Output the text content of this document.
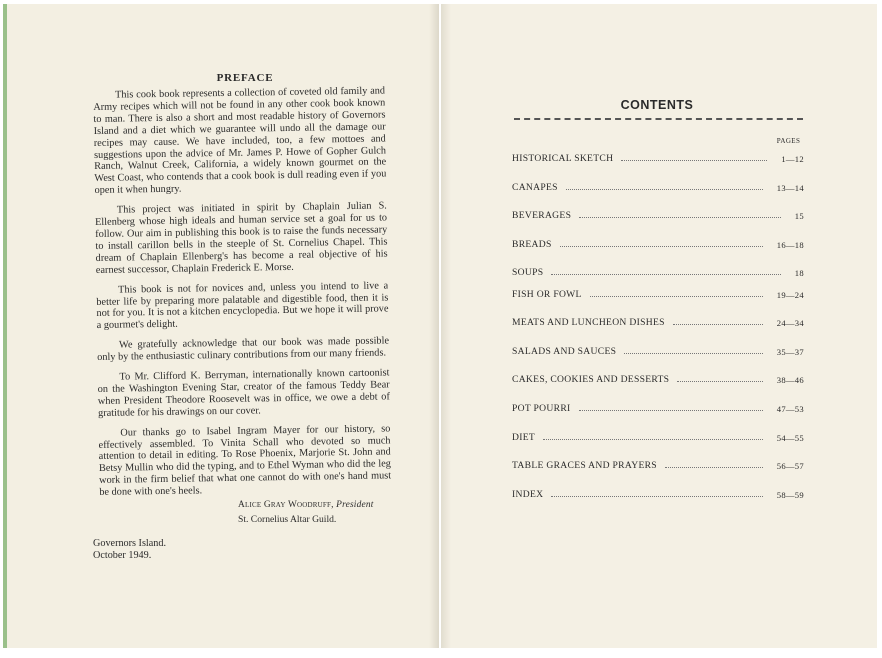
PREFACE

This cook book represents a collection of coveted old family and Army recipes which will not be found in any other cook book known to man. There is also a short and most readable history of Governors Island and a diet which we guarantee will undo all the damage our recipes may cause. We have included, too, a few mottoes and suggestions upon the advice of Mr. James P. Howe of Gopher Gulch Ranch, Walnut Creek, California, a widely known gourmet on the West Coast, who contends that a cook book is dull reading even if you open it when hungry.

This project was initiated in spirit by Chaplain Julian S. Ellenberg whose high ideals and human service set a goal for us to follow. Our aim in publishing this book is to raise the funds necessary to install carillon bells in the steeple of St. Cornelius Chapel. This dream of Chaplain Ellenberg's has become a real objective of his earnest successor, Chaplain Frederick E. Morse.

This book is not for novices and, unless you intend to live a better life by preparing more palatable and digestible food, then it is not for you. It is not a kitchen encyclopedia. But we hope it will prove a gourmet's delight.

We gratefully acknowledge that our book was made possible only by the enthusiastic culinary contributions from our many friends.

To Mr. Clifford K. Berryman, internationally known cartoonist on the Washington Evening Star, creator of the famous Teddy Bear when President Theodore Roosevelt was in office, we owe a debt of gratitude for his drawings on our cover.

Our thanks go to Isabel Ingram Mayer for our history, so effectively assembled. To Vinita Schall who devoted so much attention to detail in editing. To Rose Phoenix, Marjorie St. John and Betsy Mullin who did the typing, and to Ethel Wyman who did the leg work in the firm belief that what one cannot do with one's hand must be done with one's heels.

Alice Gray Woodruff, President
St. Cornelius Altar Guild.
Governors Island.
October 1949.
CONTENTS
PAGES
HISTORICAL SKETCH	1—12
CANAPES	13—14
BEVERAGES	15
BREADS	16—18
SOUPS	18
FISH OR FOWL	19—24
MEATS AND LUNCHEON DISHES	24—34
SALADS AND SAUCES	35—37
CAKES, COOKIES AND DESSERTS	38—46
POT POURRI	47—53
DIET	54—55
TABLE GRACES AND PRAYERS	56—57
INDEX	58—59
